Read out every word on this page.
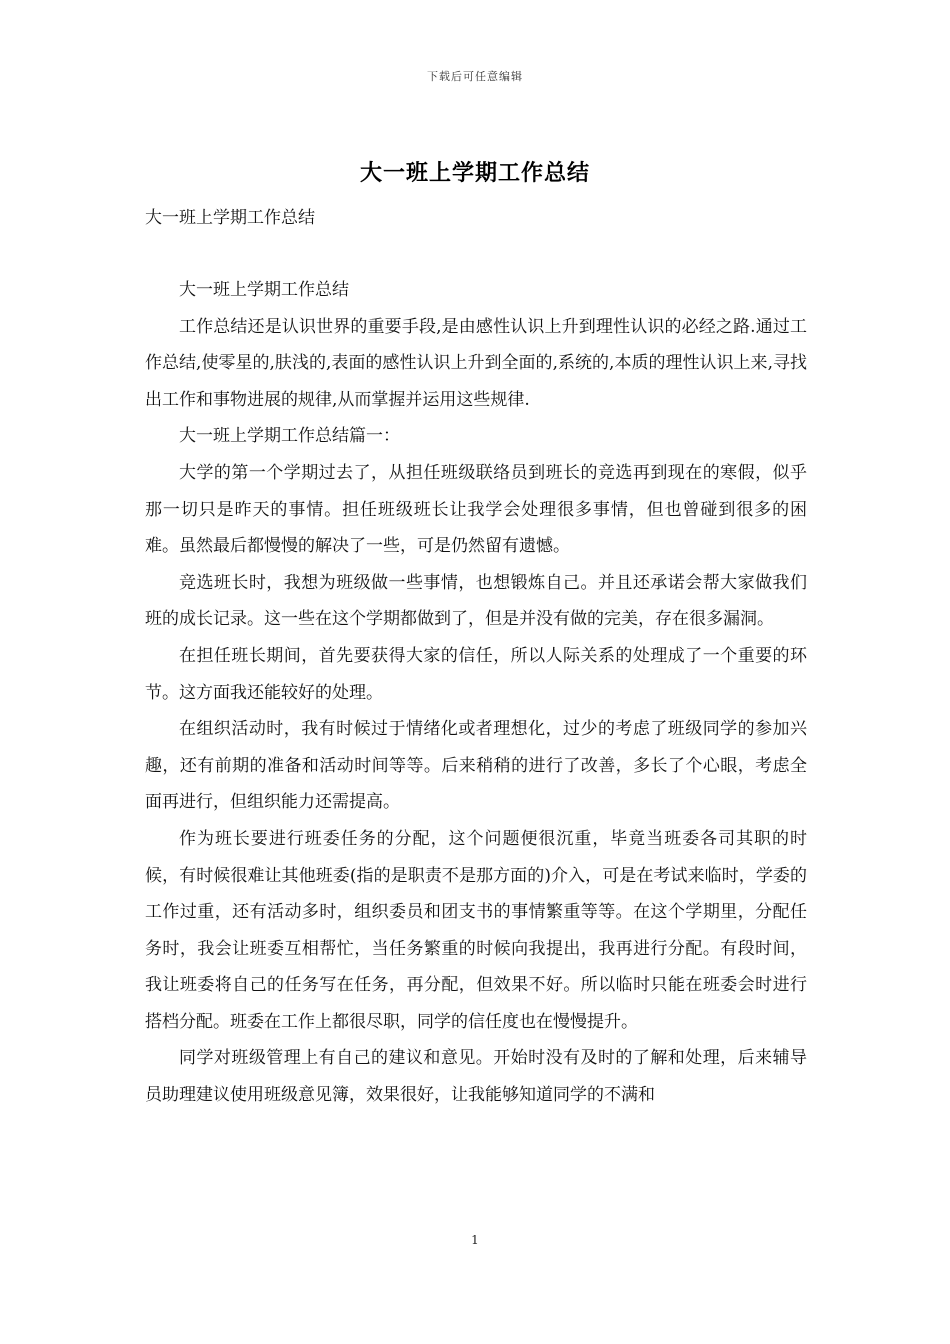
下载后可任意编辑
大一班上学期工作总结
大一班上学期工作总结

大一班上学期工作总结

工作总结还是认识世界的重要手段,是由感性认识上升到理性认识的必经之路.通过工作总结,使零星的,肤浅的,表面的感性认识上升到全面的,系统的,本质的理性认识上来,寻找出工作和事物进展的规律,从而掌握并运用这些规律.

大一班上学期工作总结篇一：

大学的第一个学期过去了，从担任班级联络员到班长的竞选再到现在的寒假，似乎那一切只是昨天的事情。担任班级班长让我学会处理很多事情，但也曾碰到很多的困难。虽然最后都慢慢的解决了一些，可是仍然留有遗憾。

竞选班长时，我想为班级做一些事情，也想锻炼自己。并且还承诺会帮大家做我们班的成长记录。这一些在这个学期都做到了，但是并没有做的完美，存在很多漏洞。

在担任班长期间，首先要获得大家的信任，所以人际关系的处理成了一个重要的环节。这方面我还能较好的处理。

在组织活动时，我有时候过于情绪化或者理想化，过少的考虑了班级同学的参加兴趣，还有前期的准备和活动时间等等。后来稍稍的进行了改善，多长了个心眼，考虑全面再进行，但组织能力还需提高。

作为班长要进行班委任务的分配，这个问题便很沉重，毕竟当班委各司其职的时候，有时候很难让其他班委(指的是职责不是那方面的)介入，可是在考试来临时，学委的工作过重，还有活动多时，组织委员和团支书的事情繁重等等。在这个学期里，分配任务时，我会让班委互相帮忙，当任务繁重的时候向我提出，我再进行分配。有段时间，我让班委将自己的任务写在任务，再分配，但效果不好。所以临时只能在班委会时进行搭档分配。班委在工作上都很尽职，同学的信任度也在慢慢提升。

同学对班级管理上有自己的建议和意见。开始时没有及时的了解和处理，后来辅导员助理建议使用班级意见簿，效果很好，让我能够知道同学的不满和

1
